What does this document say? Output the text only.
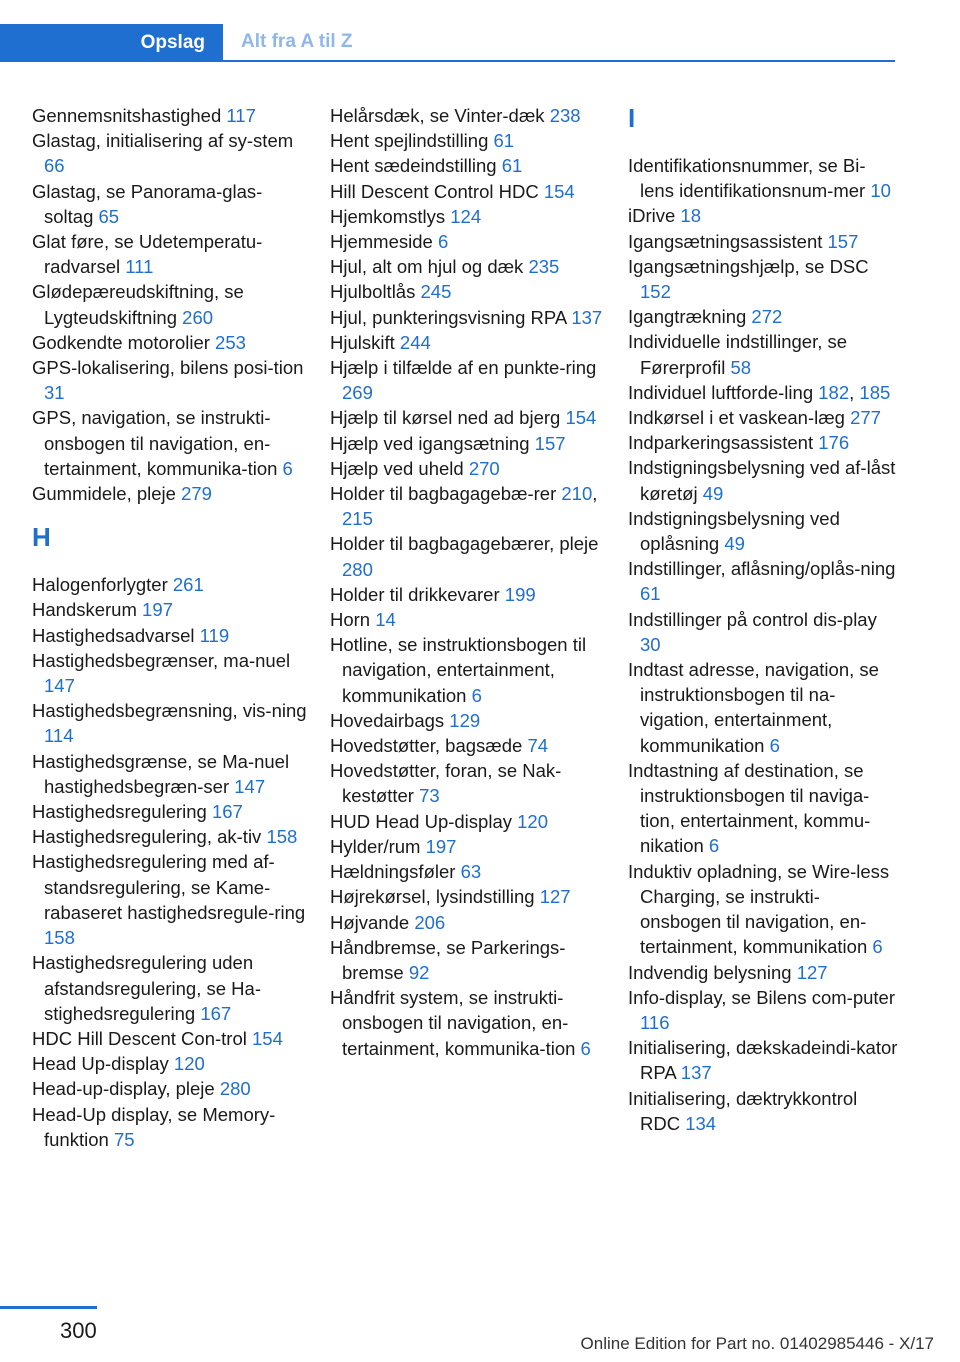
Opslag	Alt fra A til Z
Gennemsnitshastighed 117
Glastag, initialisering af sy-stem 66
Glastag, se Panorama-glas-soltag 65
Glat føre, se Udetemperatu-radvarsel 111
Glødepæreudskiftning, se Lygteudskiftning 260
Godkendte motorolier 253
GPS-lokalisering, bilens posi-tion 31
GPS, navigation, se instrukti-onsbogen til navigation, en-tertainment, kommunika-tion 6
Gummidele, pleje 279
H
Halogenforlygter 261
Handskerum 197
Hastighedsadvarsel 119
Hastighedsbegrænser, ma-nuel 147
Hastighedsbegrænsning, vis-ning 114
Hastighedsgrænse, se Ma-nuel hastighedsbegræn-ser 147
Hastighedsregulering 167
Hastighedsregulering, ak-tiv 158
Hastighedsregulering med af-standsregulering, se Kame-rabaseret hastighedsregule-ring 158
Hastighedsregulering uden afstandsregulering, se Ha-stighedsregulering 167
HDC Hill Descent Con-trol 154
Head Up-display 120
Head-up-display, pleje 280
Head-Up display, se Memory-funktion 75
Helårsdæk, se Vinter-dæk 238
Hent spejlindstilling 61
Hent sædeindstilling 61
Hill Descent Control HDC 154
Hjemkomstlys 124
Hjemmeside 6
Hjul, alt om hjul og dæk 235
Hjulboltlås 245
Hjul, punkteringsvisning RPA 137
Hjulskift 244
Hjælp i tilfælde af en punkte-ring 269
Hjælp til kørsel ned ad bjerg 154
Hjælp ved igangsætning 157
Hjælp ved uheld 270
Holder til bagbagagebæ-rer 210, 215
Holder til bagbagagebærer, pleje 280
Holder til drikkevarer 199
Horn 14
Hotline, se instruktionsbogen til navigation, entertainment, kommunikation 6
Hovedairbags 129
Hovedstøtter, bagsæde 74
Hovedstøtter, foran, se Nak-kestøtter 73
HUD Head Up-display 120
Hylder/rum 197
Hældningsføler 63
Højrekørsel, lysindstilling 127
Højvande 206
Håndbremse, se Parkerings-bremse 92
Håndfrit system, se instrukti-onsbogen til navigation, en-tertainment, kommunika-tion 6
I
Identifikationsnummer, se Bi-lens identifikationsnum-mer 10
iDrive 18
Igangsætningsassistent 157
Igangsætningshjælp, se DSC 152
Igangtrækning 272
Individuelle indstillinger, se Førerprofil 58
Individuel luftforde-ling 182, 185
Indkørsel i et vaskean-læg 277
Indparkeringsassistent 176
Indstigningsbelysning ved af-låst køretøj 49
Indstigningsbelysning ved oplåsning 49
Indstillinger, aflåsning/oplås-ning 61
Indstillinger på control dis-play 30
Indtast adresse, navigation, se instruktionsbogen til na-vigation, entertainment, kommunikation 6
Indtastning af destination, se instruktionsbogen til naviga-tion, entertainment, kommu-nikation 6
Induktiv opladning, se Wire-less Charging, se instrukti-onsbogen til navigation, en-tertainment, kommunikation 6
Indvendig belysning 127
Info-display, se Bilens com-puter 116
Initialisering, dækskadeindi-kator RPA 137
Initialisering, dæktrykkontrol RDC 134
300
Online Edition for Part no. 01402985446 - X/17
